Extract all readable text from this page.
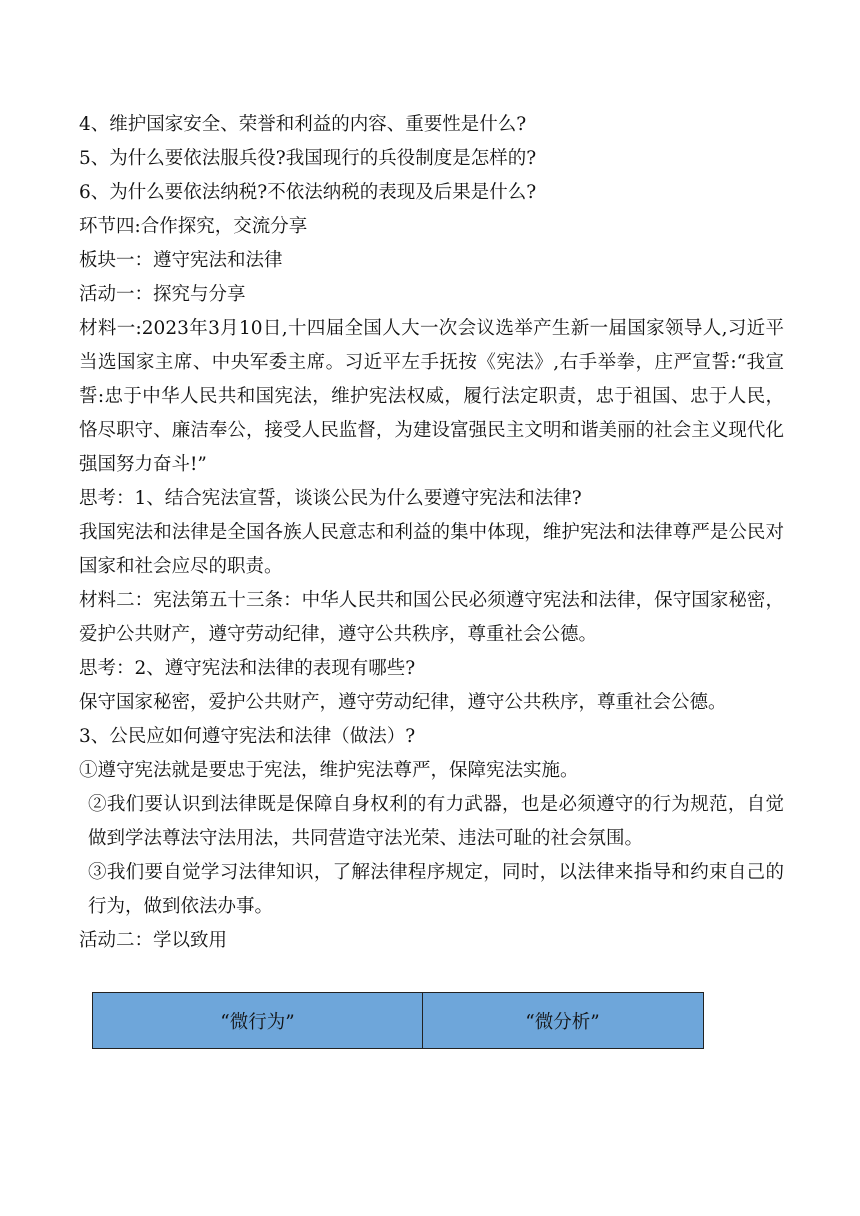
4、维护国家安全、荣誉和利益的内容、重要性是什么?
5、为什么要依法服兵役?我国现行的兵役制度是怎样的?
6、为什么要依法纳税?不依法纳税的表现及后果是什么?
环节四:合作探究，交流分享
板块一：遵守宪法和法律
活动一：探究与分享
材料一:2023年3月10日,十四届全国人大一次会议选举产生新一届国家领导人,习近平当选国家主席、中央军委主席。习近平左手抚按《宪法》,右手举拳，庄严宣誓:“我宣誓:忠于中华人民共和国宪法，维护宪法权威，履行法定职责，忠于祖国、忠于人民，恪尽职守、廉洁奉公，接受人民监督，为建设富强民主文明和谐美丽的社会主义现代化强国努力奋斗!”
思考：1、结合宪法宣誓，谈谈公民为什么要遵守宪法和法律?
我国宪法和法律是全国各族人民意志和利益的集中体现，维护宪法和法律尊严是公民对国家和社会应尽的职责。
材料二：宪法第五十三条：中华人民共和国公民必须遵守宪法和法律，保守国家秘密，爱护公共财产，遵守劳动纪律，遵守公共秩序，尊重社会公德。
思考：2、遵守宪法和法律的表现有哪些?
保守国家秘密，爱护公共财产，遵守劳动纪律，遵守公共秩序，尊重社会公德。
3、公民应如何遵守宪法和法律（做法）?
①遵守宪法就是要忠于宪法，维护宪法尊严，保障宪法实施。
②我们要认识到法律既是保障自身权利的有力武器，也是必须遵守的行为规范，自觉做到学法尊法守法用法，共同营造守法光荣、违法可耻的社会氛围。
③我们要自觉学习法律知识，了解法律程序规定，同时，以法律来指导和约束自己的行为，做到依法办事。
活动二：学以致用
“微行为”	“微分析”
